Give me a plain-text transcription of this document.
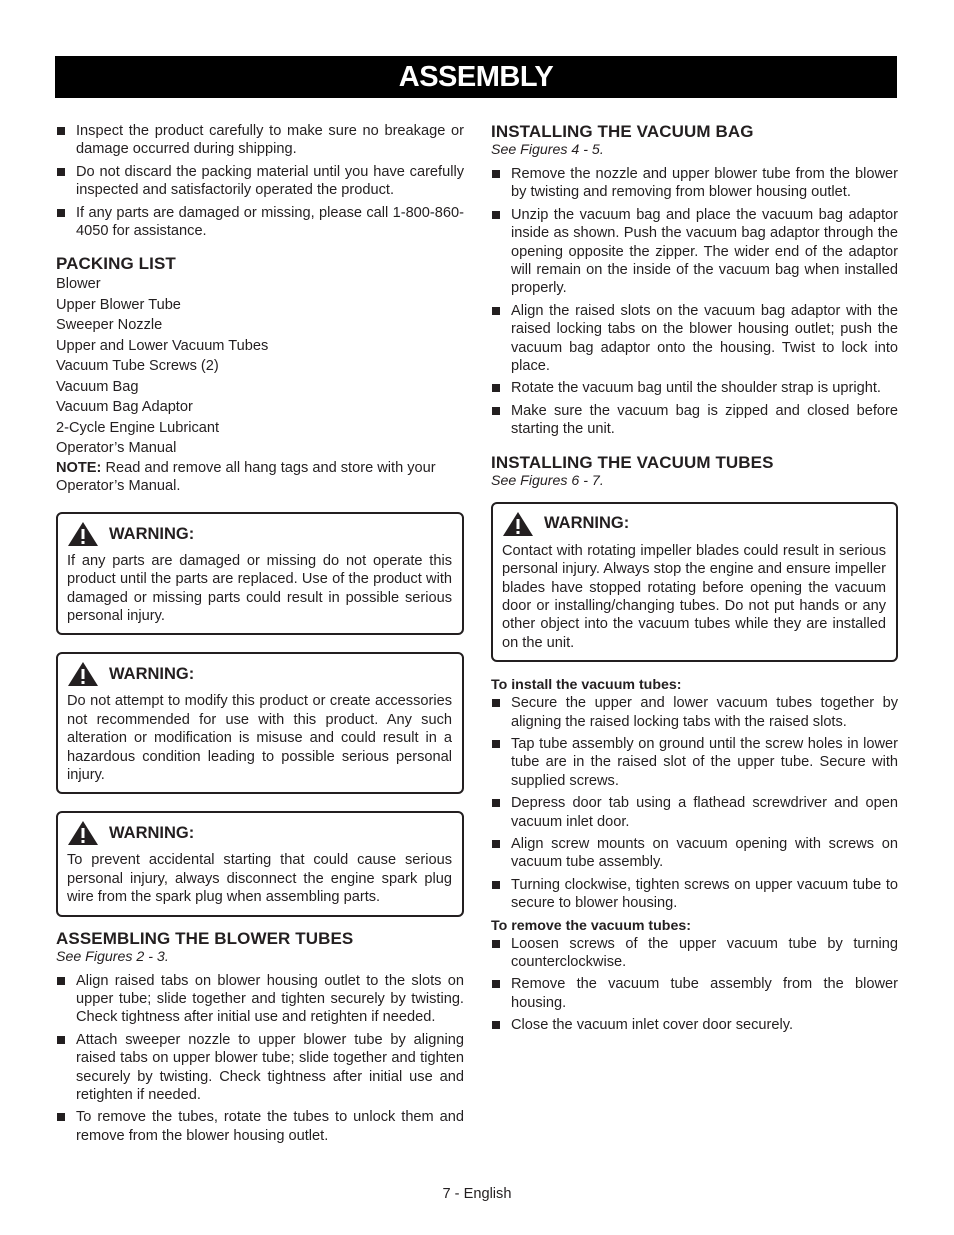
ASSEMBLY
Inspect the product carefully to make sure no breakage or damage occurred during shipping.
Do not discard the packing material until you have carefully inspected and satisfactorily operated the product.
If any parts are damaged or missing, please call 1-800-860-4050 for assistance.
PACKING LIST
Blower
Upper Blower Tube
Sweeper Nozzle
Upper and Lower Vacuum Tubes
Vacuum Tube Screws (2)
Vacuum Bag
Vacuum Bag Adaptor
2-Cycle Engine Lubricant
Operator’s Manual

NOTE: Read and remove all hang tags and store with your Operator’s Manual.

WARNING:

If any parts are damaged or missing do not operate this product until the parts are replaced. Use of the product with damaged or missing parts could result in possible serious personal injury.

WARNING:

Do not attempt to modify this product or create accessories not recommended for use with this product. Any such alteration or modification is misuse and could result in a hazardous condition leading to possible serious personal injury.

WARNING:

To prevent accidental starting that could cause serious personal injury, always disconnect the engine spark plug wire from the spark plug when assembling parts.

ASSEMBLING THE BLOWER TUBES

See Figures 2 - 3.

Align raised tabs on blower housing outlet to the slots on upper tube; slide together and tighten securely by twisting. Check tightness after initial use and retighten if needed.
Attach sweeper nozzle to upper blower tube by aligning raised tabs on upper blower tube; slide together and tighten securely by twisting. Check tightness after initial use and retighten if needed.
To remove the tubes, rotate the tubes to unlock them and remove from the blower housing outlet.
INSTALLING THE VACUUM BAG

See Figures 4 - 5.

Remove the nozzle and upper blower tube from the blower by twisting and removing from blower housing outlet.
Unzip the vacuum bag and place the vacuum bag adaptor inside as shown. Push the vacuum bag adaptor through the opening opposite the zipper. The wider end of the adaptor will remain on the inside of the vacuum bag when installed properly.
Align the raised slots on the vacuum bag adaptor with the raised locking tabs on the blower housing outlet; push the vacuum bag adaptor onto the housing. Twist to lock into place.
Rotate the vacuum bag until the shoulder strap is upright.
Make sure the vacuum bag is zipped and closed before starting the unit.
INSTALLING THE VACUUM TUBES

See Figures 6 - 7.

WARNING:

Contact with rotating impeller blades could result in serious personal injury. Always stop the engine and ensure impeller blades have stopped rotating before opening the vacuum door or installing/changing tubes. Do not put hands or any other object into the vacuum tubes while they are installed on the unit.

To install the vacuum tubes:

Secure the upper and lower vacuum tubes together by aligning the raised locking tabs with the raised slots.
Tap tube assembly on ground until the screw holes in lower tube are in the raised slot of the upper tube. Secure with supplied screws.
Depress door tab using a flathead screwdriver and open vacuum inlet door.
Align screw mounts on vacuum opening with screws on vacuum tube assembly.
Turning clockwise, tighten screws on upper vacuum tube to secure to blower housing.

To remove the vacuum tubes:

Loosen screws of the upper vacuum tube by turning counterclockwise.
Remove the vacuum tube assembly from the blower housing.
Close the vacuum inlet cover door securely.
7 - English
